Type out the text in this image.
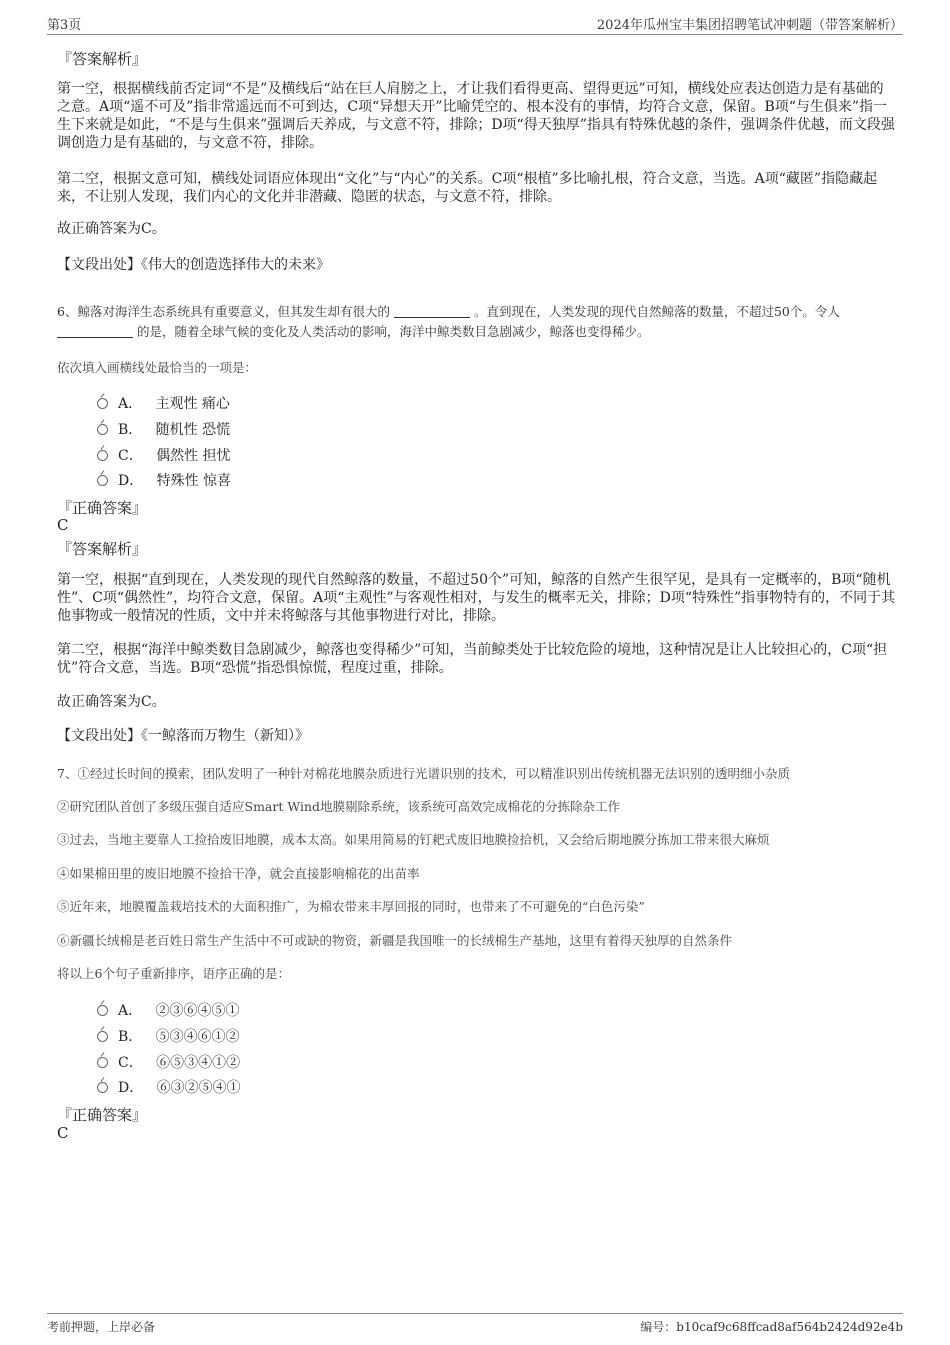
第3页	2024年瓜州宝丰集团招聘笔试冲刺题（带答案解析）
『答案解析』
第一空，根据横线前否定词“不是”及横线后“站在巨人肩膀之上，才让我们看得更高、望得更远”可知，横线处应表达创造力是有基础的之意。A项“遥不可及”指非常遥远而不可到达，C项“异想天开”比喻凭空的、根本没有的事情，均符合文意，保留。B项“与生俱来”指一生下来就是如此，“不是与生俱来”强调后天养成，与文意不符，排除；D项“得天独厚”指具有特殊优越的条件，强调条件优越，而文段强调创造力是有基础的，与文意不符，排除。
第二空，根据文意可知，横线处词语应体现出“文化”与“内心”的关系。C项“根植”多比喻扎根，符合文意，当选。A项“藏匿”指隐藏起来，不让别人发现，我们内心的文化并非潜藏、隐匿的状态，与文意不符，排除。
故正确答案为C。
【文段出处】《伟大的创造选择伟大的未来》
6、鲸落对海洋生态系统具有重要意义，但其发生却有很大的	。直到现在，人类发现的现代自然鲸落的数量，不超过50个。令人  的是，随着全球气候的变化及人类活动的影响，海洋中鲸类数目急剧减少，鲸落也变得稀少。
依次填入画横线处最恰当的一项是：
A． 主观性 痛心
B． 随机性 恐慌
C． 偶然性 担忧
D． 特殊性 惊喜
『正确答案』
C
『答案解析』
第一空，根据“直到现在，人类发现的现代自然鲸落的数量，不超过50个”可知，鲸落的自然产生很罕见，是具有一定概率的，B项“随机性”、C项“偶然性”，均符合文意，保留。A项“主观性”与客观性相对，与发生的概率无关，排除；D项“特殊性”指事物特有的，不同于其他事物或一般情况的性质，文中并未将鲸落与其他事物进行对比，排除。
第二空，根据“海洋中鲸类数目急剧减少，鲸落也变得稀少”可知，当前鲸类处于比较危险的境地，这种情况是让人比较担心的，C项“担忧”符合文意，当选。B项“恐慌”指恐惧惊慌，程度过重，排除。
故正确答案为C。
【文段出处】《一鲸落而万物生（新知）》
7、①经过长时间的摸索，团队发明了一种针对棉花地膜杂质进行光谱识别的技术，可以精准识别出传统机器无法识别的透明细小杂质
②研究团队首创了多级压强自适应Smart Wind地膜剔除系统，该系统可高效完成棉花的分拣除杂工作
③过去，当地主要靠人工捡拾废旧地膜，成本太高。如果用简易的钉耙式废旧地膜捡拾机，又会给后期地膜分拣加工带来很大麻烦
④如果棉田里的废旧地膜不捡拾干净，就会直接影响棉花的出苗率
⑤近年来，地膜覆盖栽培技术的大面积推广，为棉农带来丰厚回报的同时，也带来了不可避免的“白色污染”
⑥新疆长绒棉是老百姓日常生产生活中不可或缺的物资，新疆是我国唯一的长绒棉生产基地，这里有着得天独厚的自然条件
将以上6个句子重新排序，语序正确的是：
A． ②③⑥④⑤①
B． ⑤③④⑥①②
C． ⑥⑤③④①②
D． ⑥③②⑤④①
『正确答案』
C
考前押题，上岸必备	编号：b10caf9c68ffcad8af564b2424d92e4b
